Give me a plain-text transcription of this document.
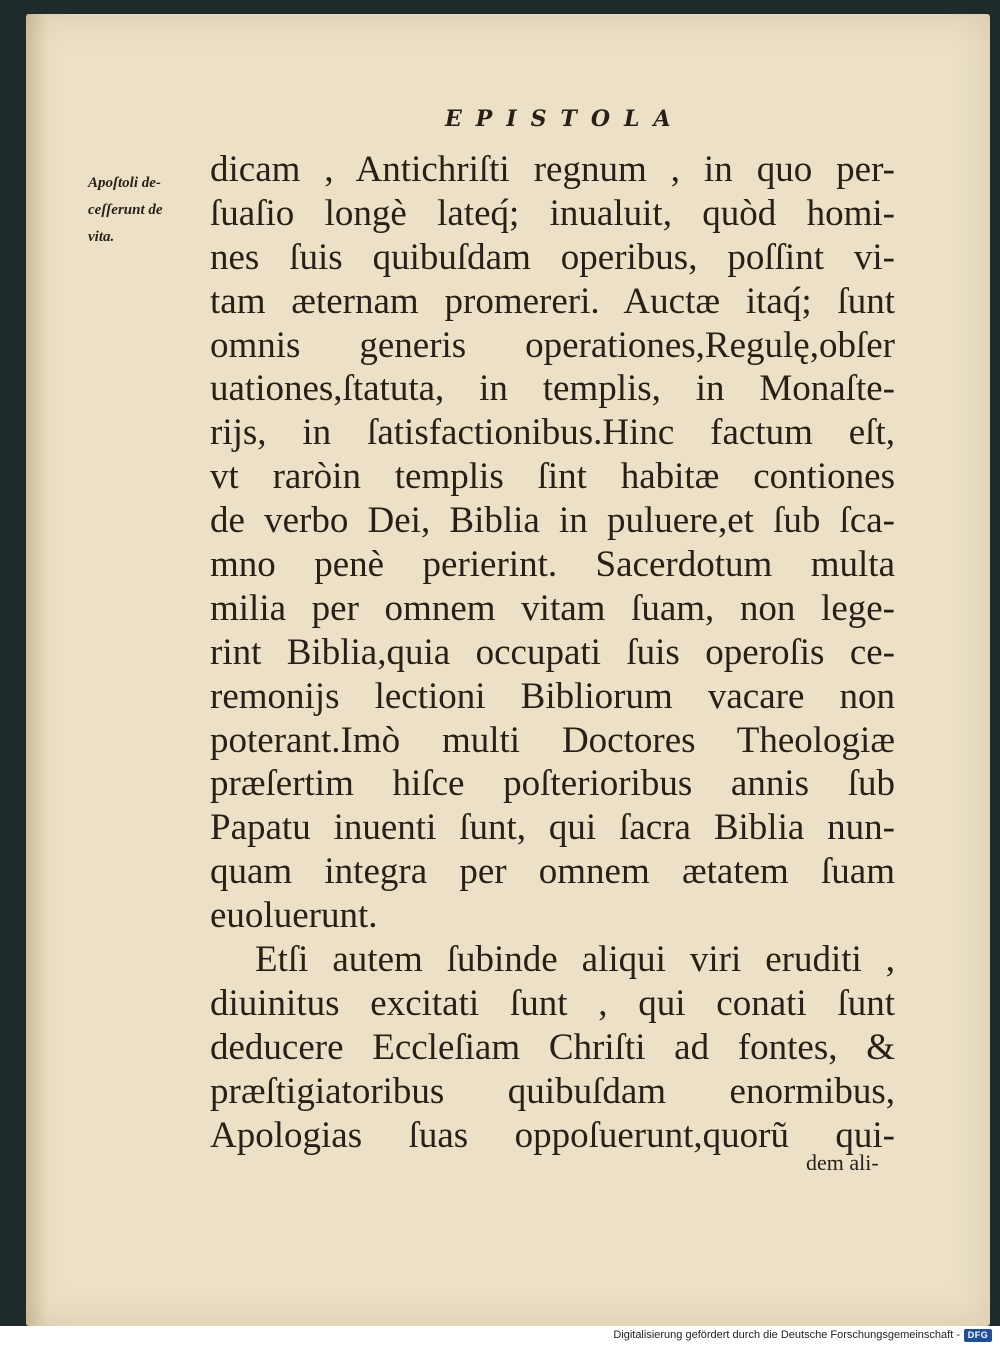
EPISTOLA
Apoſtoli de-
ceſſerunt de
vita.
dicam , Antichriſti regnum , in quo per-
ſuaſio longè lateq́; inualuit, quòd homi-
nes ſuis quibuſdam operibus, poſſint vi-
tam æternam promereri. Auctæ itaq́; ſunt
omnis generis operationes,Regulę,obſer
uationes,ſtatuta, in templis, in Monaſte-
rijs, in ſatisfactionibus.Hinc factum eſt,
vt raròin templis ſint habitæ contiones
de verbo Dei, Biblia in puluere,et ſub ſca-
mno penè perierint. Sacerdotum multa
milia per omnem vitam ſuam, non lege-
rint Biblia,quia occupati ſuis operoſis ce-
remonijs lectioni Bibliorum vacare non
poterant.Imò multi Doctores Theologiæ
præſertim hiſce poſterioribus annis ſub
Papatu inuenti ſunt, qui ſacra Biblia nun-
quam integra per omnem ætatem ſuam
euoluerunt.
Etſi autem ſubinde aliqui viri eruditi ,
diuinitus excitati ſunt , qui conati ſunt
deducere Eccleſiam Chriſti ad fontes, &
præſtigiatoribus quibuſdam enormibus,
Apologias ſuas oppoſuerunt,quorũ qui-
dem ali-
Digitalisierung gefördert durch die Deutsche Forschungsgemeinschaft - DFG
